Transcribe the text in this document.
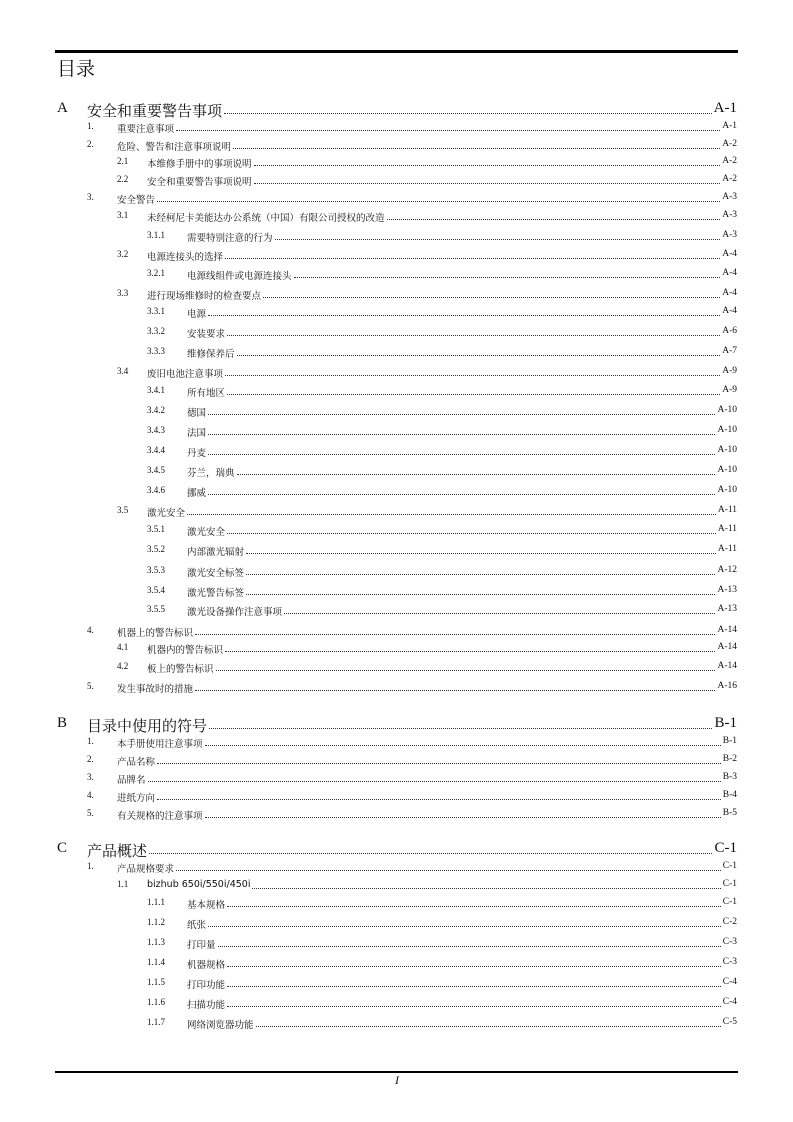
目录
A 安全和重要警告事项	A-1
1. 重要注意事项	A-1
2. 危险、警告和注意事项说明	A-2
2.1 本维修手册中的事项说明	A-2
2.2 安全和重要警告事项说明	A-2
3. 安全警告	A-3
3.1 未经柯尼卡美能达办公系统（中国）有限公司授权的改造	A-3
3.1.1 需要特别注意的行为	A-3
3.2 电源连接头的选择	A-4
3.2.1 电源线组件或电源连接头	A-4
3.3 进行现场维修时的检查要点	A-4
3.3.1 电源	A-4
3.3.2 安装要求	A-6
3.3.3 维修保养后	A-7
3.4 废旧电池注意事项	A-9
3.4.1 所有地区	A-9
3.4.2 德国	A-10
3.4.3 法国	A-10
3.4.4 丹麦	A-10
3.4.5 芬兰，瑞典	A-10
3.4.6 挪威	A-10
3.5 激光安全	A-11
3.5.1 激光安全	A-11
3.5.2 内部激光辐射	A-11
3.5.3 激光安全标签	A-12
3.5.4 激光警告标签	A-13
3.5.5 激光设备操作注意事项	A-13
4. 机器上的警告标识	A-14
4.1 机器内的警告标识	A-14
4.2 板上的警告标识	A-14
5. 发生事故时的措施	A-16
B 目录中使用的符号	B-1
1. 本手册使用注意事项	B-1
2. 产品名称	B-2
3. 品牌名	B-3
4. 进纸方向	B-4
5. 有关规格的注意事项	B-5
C 产品概述	C-1
1. 产品规格要求	C-1
1.1 bizhub 650i/550i/450i	C-1
1.1.1 基本规格	C-1
1.1.2 纸张	C-2
1.1.3 打印量	C-3
1.1.4 机器规格	C-3
1.1.5 打印功能	C-4
1.1.6 扫描功能	C-4
1.1.7 网络浏览器功能	C-5
I
